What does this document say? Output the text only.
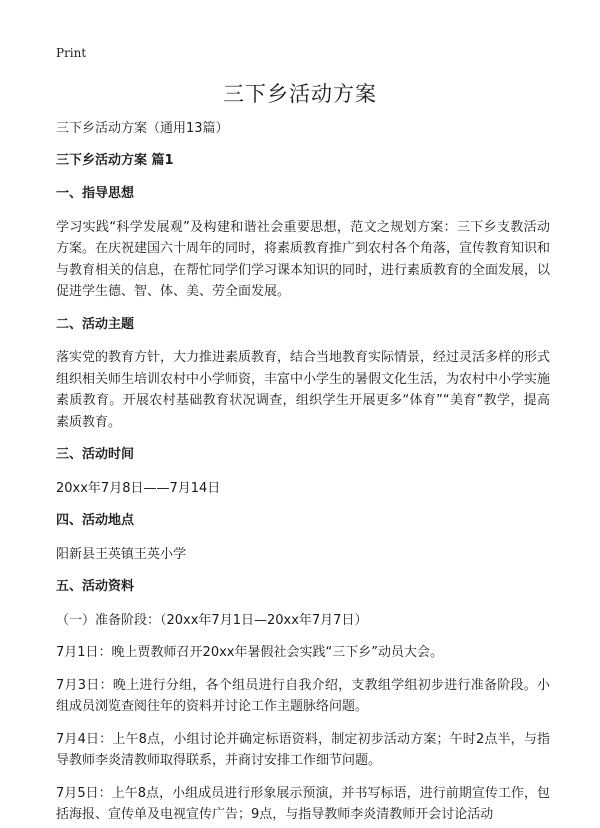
Print
三下乡活动方案

三下乡活动方案（通用13篇）

三下乡活动方案 篇1

一、指导思想

学习实践“科学发展观”及构建和谐社会重要思想，范文之规划方案：三下乡支教活动方案。在庆祝建国六十周年的同时，将素质教育推广到农村各个角落，宣传教育知识和与教育相关的信息，在帮忙同学们学习课本知识的同时，进行素质教育的全面发展，以促进学生德、智、体、美、劳全面发展。

二、活动主题

落实党的教育方针，大力推进素质教育，结合当地教育实际情景，经过灵活多样的形式组织相关师生培训农村中小学师资，丰富中小学生的暑假文化生活，为农村中小学实施素质教育。开展农村基础教育状况调查，组织学生开展更多“体育”“美育”教学，提高素质教育。

三、活动时间

20xx年7月8日——7月14日

四、活动地点

阳新县王英镇王英小学

五、活动资料

（一）准备阶段：（20xx年7月1日—20xx年7月7日）

7月1日：晚上贾教师召开20xx年暑假社会实践“三下乡”动员大会。

7月3日：晚上进行分组，各个组员进行自我介绍，支教组学组初步进行准备阶段。小组成员浏览查阅往年的资料并讨论工作主题脉络问题。

7月4日：上午8点，小组讨论并确定标语资料，制定初步活动方案；午时2点半，与指导教师李炎清教师取得联系，并商讨安排工作细节问题。

7月5日：上午8点，小组成员进行形象展示预演，并书写标语，进行前期宣传工作，包括海报、宣传单及电视宣传广告；9点，与指导教师李炎清教师开会讨论活动
